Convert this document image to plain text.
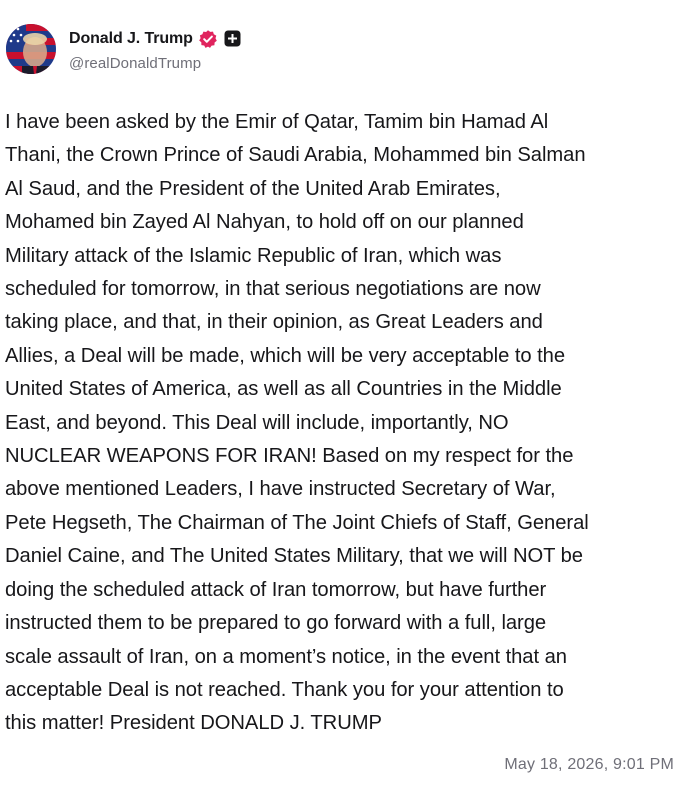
Donald J. Trump
@realDonaldTrump
I have been asked by the Emir of Qatar, Tamim bin Hamad Al
Thani, the Crown Prince of Saudi Arabia, Mohammed bin Salman
Al Saud, and the President of the United Arab Emirates,
Mohamed bin Zayed Al Nahyan, to hold off on our planned
Military attack of the Islamic Republic of Iran, which was
scheduled for tomorrow, in that serious negotiations are now
taking place, and that, in their opinion, as Great Leaders and
Allies, a Deal will be made, which will be very acceptable to the
United States of America, as well as all Countries in the Middle
East, and beyond. This Deal will include, importantly, NO
NUCLEAR WEAPONS FOR IRAN! Based on my respect for the
above mentioned Leaders, I have instructed Secretary of War,
Pete Hegseth, The Chairman of The Joint Chiefs of Staff, General
Daniel Caine, and The United States Military, that we will NOT be
doing the scheduled attack of Iran tomorrow, but have further
instructed them to be prepared to go forward with a full, large
scale assault of Iran, on a moment’s notice, in the event that an
acceptable Deal is not reached. Thank you for your attention to
this matter! President DONALD J. TRUMP
May 18, 2026, 9:01 PM
